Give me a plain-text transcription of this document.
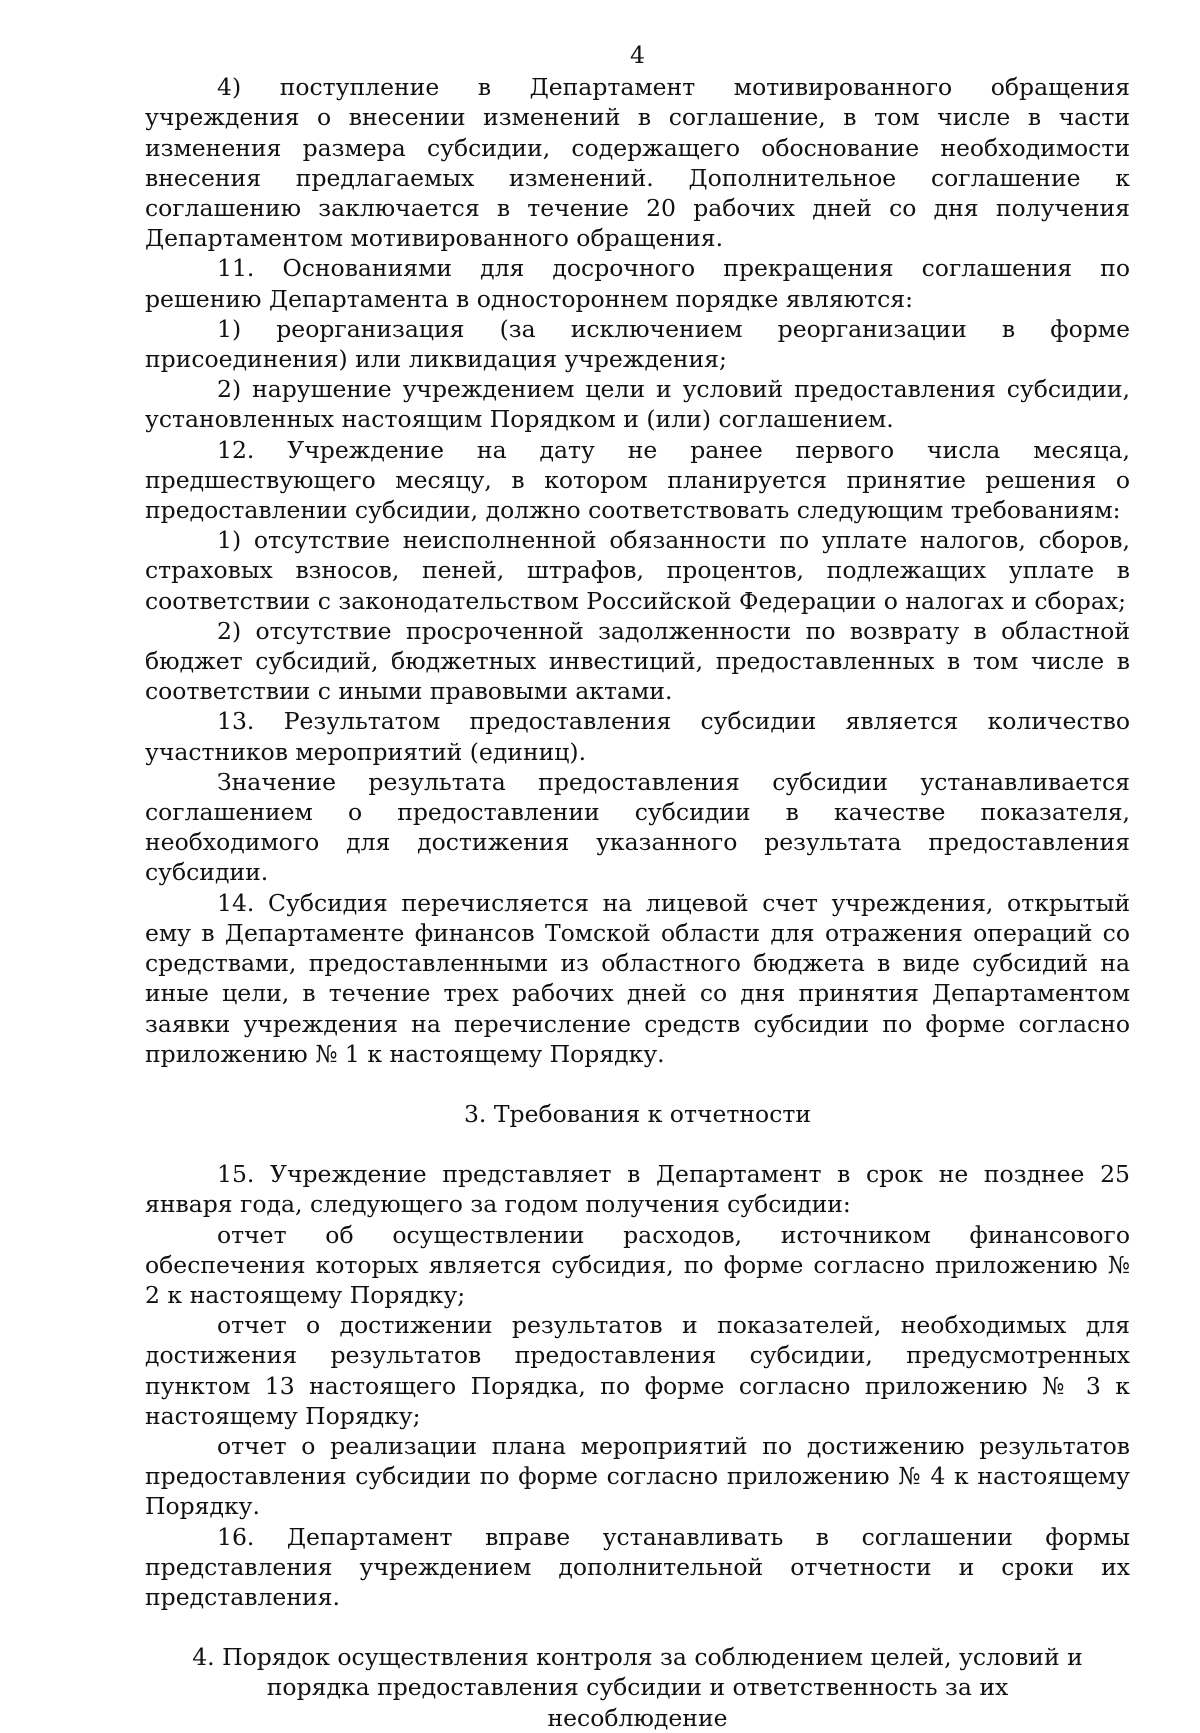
4

4) поступление в Департамент мотивированного обращения учреждения о внесении изменений в соглашение, в том числе в части изменения размера субсидии, содержащего обоснование необходимости внесения предлагаемых изменений. Дополнительное соглашение к соглашению заключается в течение 20 рабочих дней со дня получения Департаментом мотивированного обращения.

11. Основаниями для досрочного прекращения соглашения по решению Департамента в одностороннем порядке являются:

1) реорганизация (за исключением реорганизации в форме присоединения) или ликвидация учреждения;

2) нарушение учреждением цели и условий предоставления субсидии, установленных настоящим Порядком и (или) соглашением.

12. Учреждение на дату не ранее первого числа месяца, предшествующего месяцу, в котором планируется принятие решения о предоставлении субсидии, должно соответствовать следующим требованиям:

1) отсутствие неисполненной обязанности по уплате налогов, сборов, страховых взносов, пеней, штрафов, процентов, подлежащих уплате в соответствии с законодательством Российской Федерации о налогах и сборах;

2) отсутствие просроченной задолженности по возврату в областной бюджет субсидий, бюджетных инвестиций, предоставленных в том числе в соответствии с иными правовыми актами.

13. Результатом предоставления субсидии является количество участников мероприятий (единиц).

Значение результата предоставления субсидии устанавливается соглашением о предоставлении субсидии в качестве показателя, необходимого для достижения указанного результата предоставления субсидии.

14. Субсидия перечисляется на лицевой счет учреждения, открытый ему в Департаменте финансов Томской области для отражения операций со средствами, предоставленными из областного бюджета в виде субсидий на иные цели, в течение трех рабочих дней со дня принятия Департаментом заявки учреждения на перечисление средств субсидии по форме согласно приложению № 1 к настоящему Порядку.

3. Требования к отчетности

15. Учреждение представляет в Департамент в срок не позднее 25 января года, следующего за годом получения субсидии:

отчет об осуществлении расходов, источником финансового обеспечения которых является субсидия, по форме согласно приложению № 2 к настоящему Порядку;

отчет о достижении результатов и показателей, необходимых для достижения результатов предоставления субсидии, предусмотренных пунктом 13 настоящего Порядка, по форме согласно приложению № 3 к настоящему Порядку;

отчет о реализации плана мероприятий по достижению результатов предоставления субсидии по форме согласно приложению № 4 к настоящему Порядку.

16. Департамент вправе устанавливать в соглашении формы представления учреждением дополнительной отчетности и сроки их представления.

4. Порядок осуществления контроля за соблюдением целей, условий и порядка предоставления субсидии и ответственность за их несоблюдение
